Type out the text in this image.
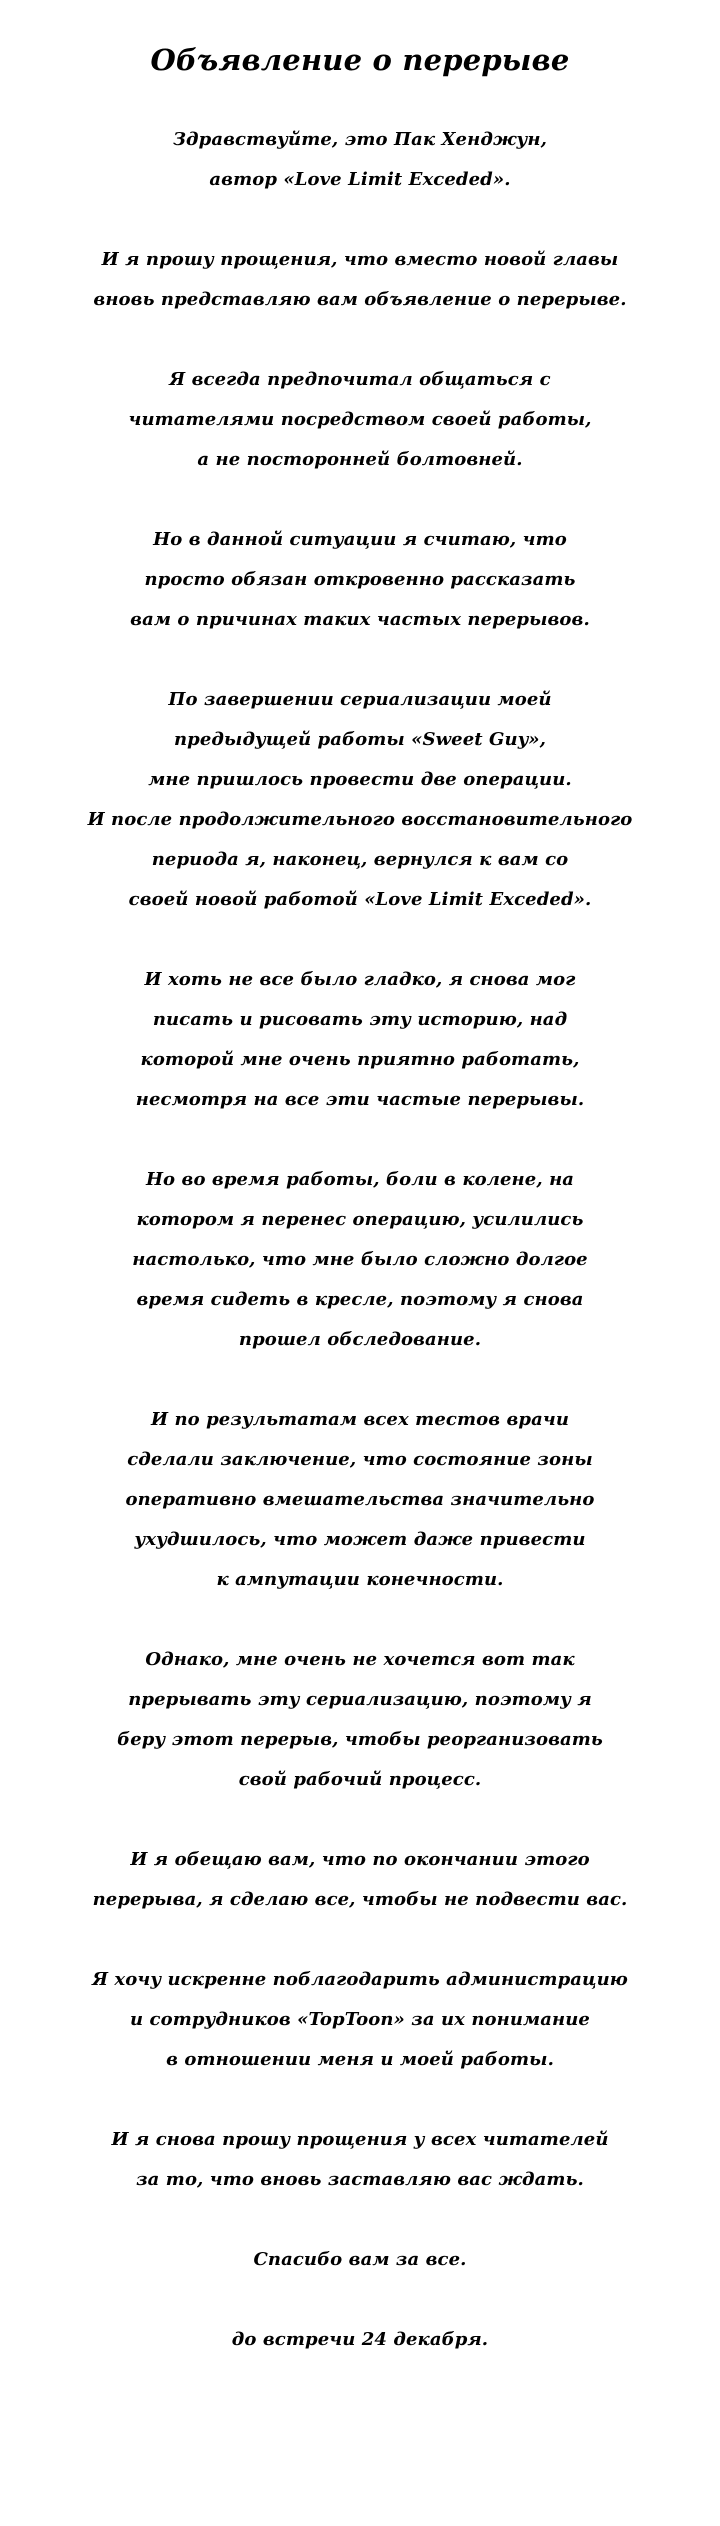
Объявление о перерыве
Здравствуйте, это Пак Хенджун,
автор «Love Limit Exceded».
И я прошу прощения, что вместо новой главы
вновь представляю вам объявление о перерыве.
Я всегда предпочитал общаться с
читателями посредством своей работы,
а не посторонней болтовней.
Но в данной ситуации я считаю, что
просто обязан откровенно рассказать
вам о причинах таких частых перерывов.
По завершении сериализации моей
предыдущей работы «Sweet Guy»,
мне пришлось провести две операции.
И после продолжительного восстановительного
периода я, наконец, вернулся к вам со
своей новой работой «Love Limit Exceded».
И хоть не все было гладко, я снова мог
писать и рисовать эту историю, над
которой мне очень приятно работать,
несмотря на все эти частые перерывы.
Но во время работы, боли в колене, на
котором я перенес операцию, усилились
настолько, что мне было сложно долгое
время сидеть в кресле, поэтому я снова
прошел обследование.
И по результатам всех тестов врачи
сделали заключение, что состояние зоны
оперативно вмешательства значительно
ухудшилось, что может даже привести
к ампутации конечности.
Однако, мне очень не хочется вот так
прерывать эту сериализацию, поэтому я
беру этот перерыв, чтобы реорганизовать
свой рабочий процесс.
И я обещаю вам, что по окончании этого
перерыва, я сделаю все, чтобы не подвести вас.
Я хочу искренне поблагодарить администрацию
и сотрудников «TopToon» за их понимание
в отношении меня и моей работы.
И я снова прошу прощения у всех читателей
за то, что вновь заставляю вас ждать.
Спасибо вам за все.
до встречи 24 декабря.
